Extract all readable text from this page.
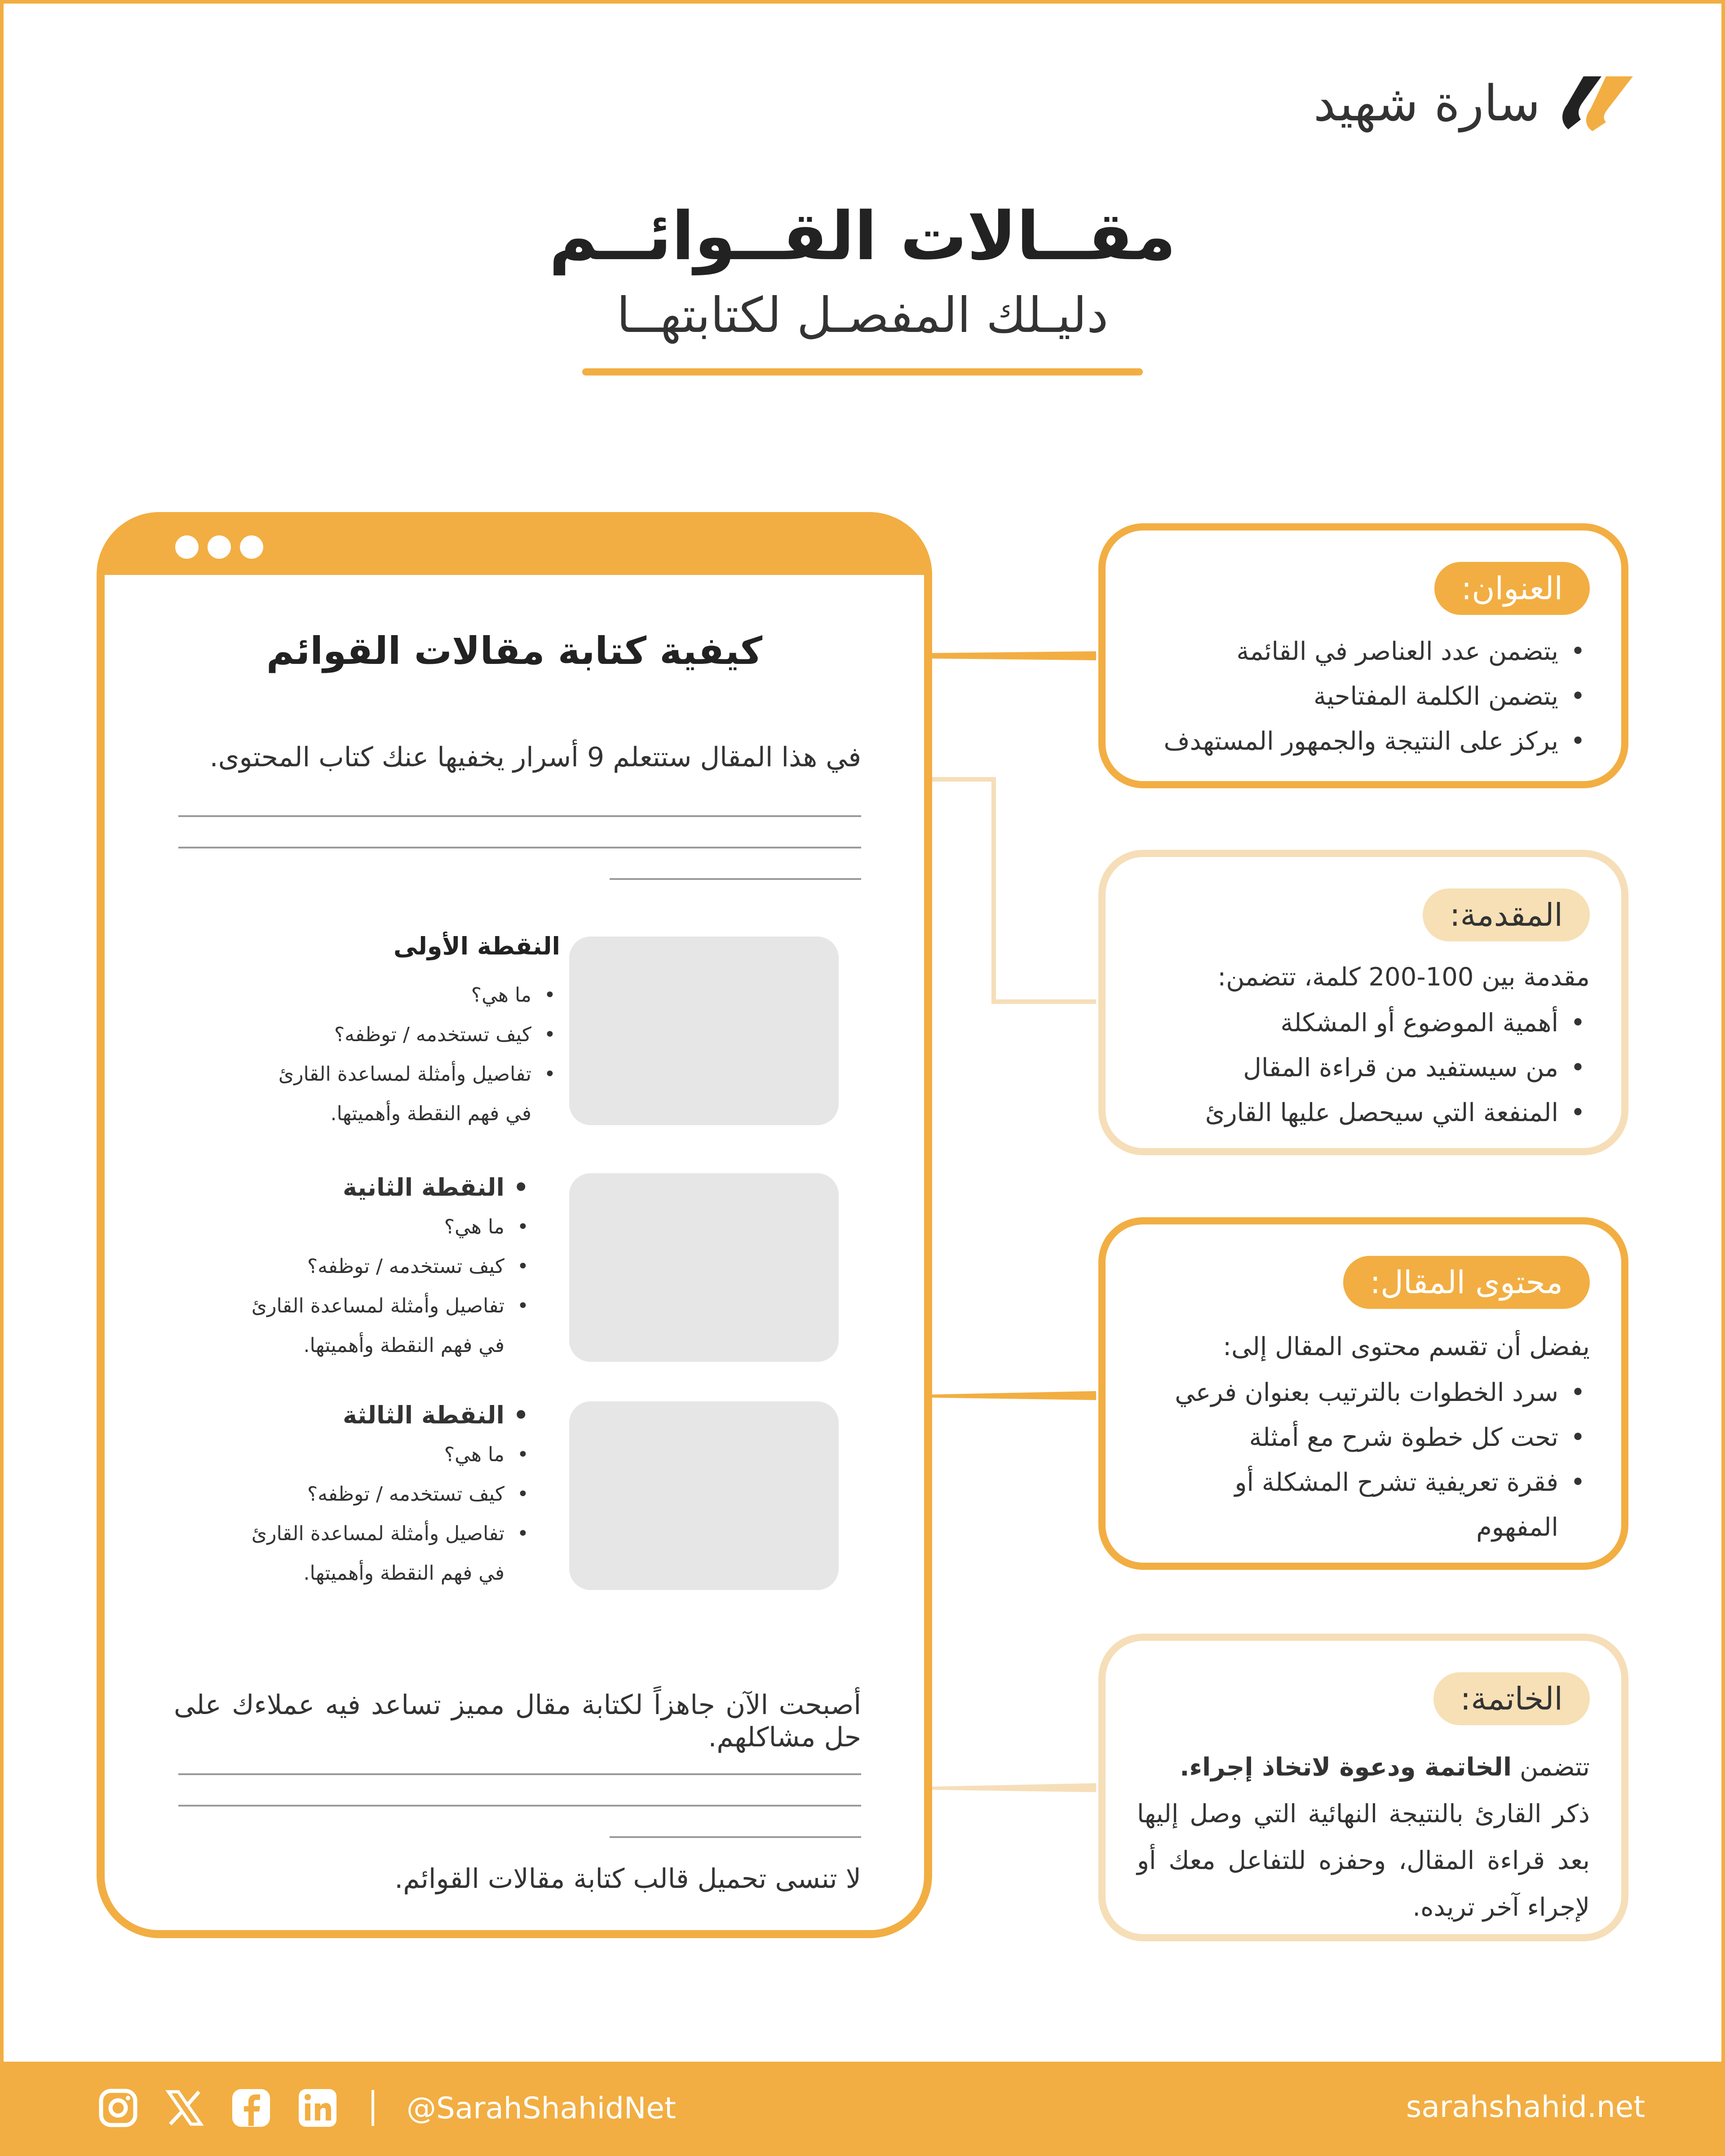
سارة شهيد
مقــالات القــوائــم
دليـلك المفصـل لكتابتهــا
كيفية كتابة مقالات القوائم
في هذا المقال ستتعلم 9 أسرار يخفيها عنك كتاب المحتوى.
النقطة الأولى
• ما هي؟
• كيف تستخدمه / توظفه؟
• تفاصيل وأمثلة لمساعدة القارئ
في فهم النقطة وأهميتها.
• النقطة الثانية
• ما هي؟
• كيف تستخدمه / توظفه؟
• تفاصيل وأمثلة لمساعدة القارئ
في فهم النقطة وأهميتها.
• النقطة الثالثة
• ما هي؟
• كيف تستخدمه / توظفه؟
• تفاصيل وأمثلة لمساعدة القارئ
في فهم النقطة وأهميتها.
أصبحت الآن جاهزاً لكتابة مقال مميز تساعد فيه عملاءك على حل مشاكلهم.
لا تنسى تحميل قالب كتابة مقالات القوائم.
العنوان:
• يتضمن عدد العناصر في القائمة
• يتضمن الكلمة المفتاحية
• يركز على النتيجة والجمهور المستهدف
المقدمة:
مقدمة بين 100-200 كلمة، تتضمن:
• أهمية الموضوع أو المشكلة
• من سيستفيد من قراءة المقال
• المنفعة التي سيحصل عليها القارئ
محتوى المقال:
يفضل أن تقسم محتوى المقال إلى:
• سرد الخطوات بالترتيب بعنوان فرعي
• تحت كل خطوة شرح مع أمثلة
• فقرة تعريفية تشرح المشكلة أو
المفهوم
الخاتمة:
تتضمن الخاتمة ودعوة لاتخاذ إجراء.
ذكر القارئ بالنتيجة النهائية التي وصل إليها بعد قراءة المقال، وحفزه للتفاعل معك أو لإجراء آخر تريده.
@SarahShahidNet	sarahshahid.net
